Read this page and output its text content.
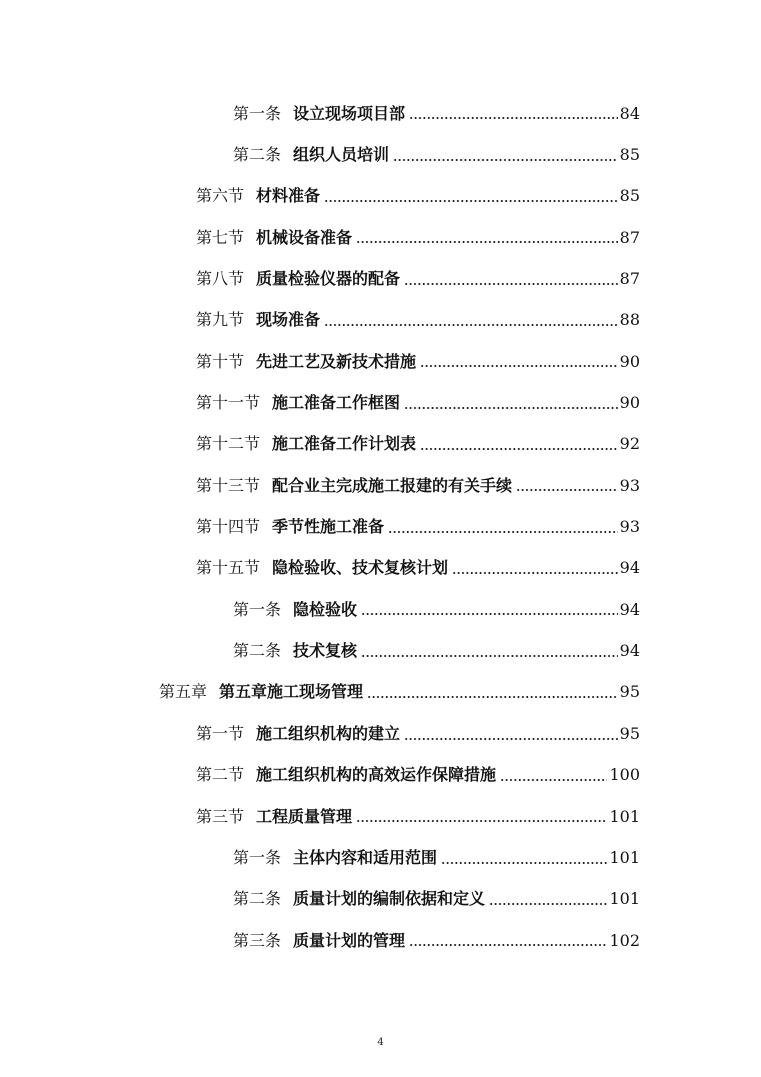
第一条 设立现场项目部	84
第二条 组织人员培训	85
第六节 材料准备	85
第七节 机械设备准备	87
第八节 质量检验仪器的配备	87
第九节 现场准备	88
第十节 先进工艺及新技术措施	90
第十一节 施工准备工作框图	90
第十二节 施工准备工作计划表	92
第十三节 配合业主完成施工报建的有关手续	93
第十四节 季节性施工准备	93
第十五节 隐检验收、技术复核计划	94
第一条 隐检验收	94
第二条 技术复核	94
第五章 第五章施工现场管理	95
第一节 施工组织机构的建立	95
第二节 施工组织机构的高效运作保障措施	100
第三节 工程质量管理	101
第一条 主体内容和适用范围	101
第二条 质量计划的编制依据和定义	101
第三条 质量计划的管理	102
4
